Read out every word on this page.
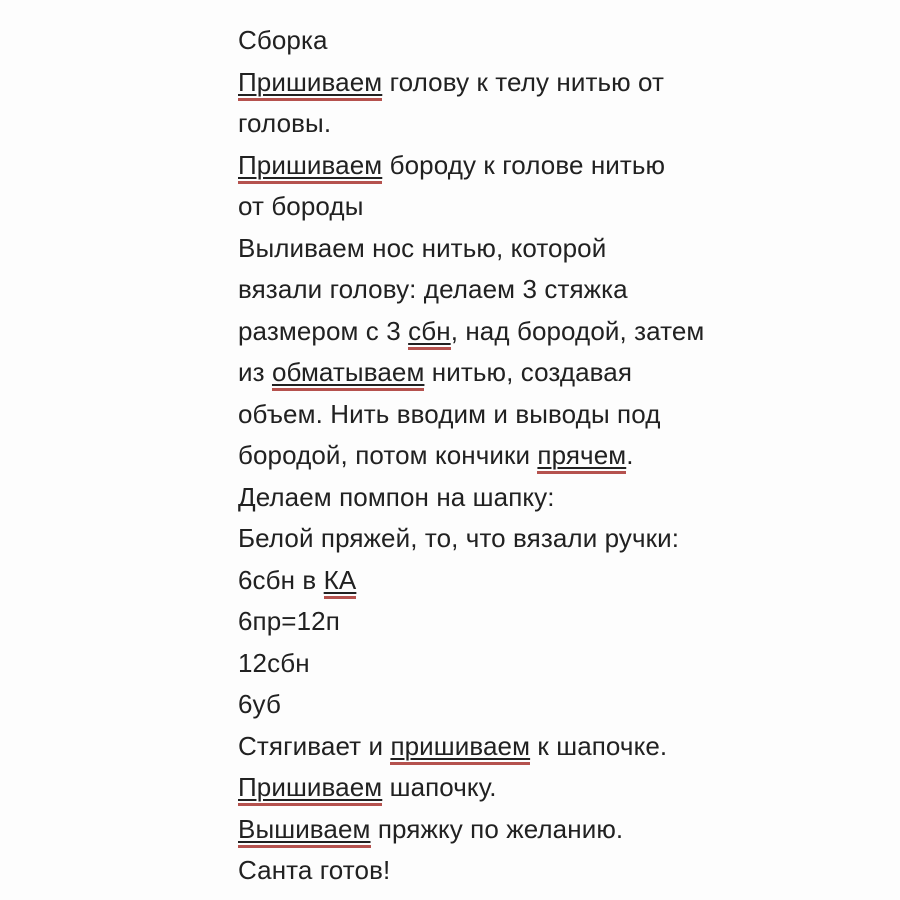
Сборка

Пришиваем голову к телу нитью от

головы.

Пришиваем бороду к голове нитью

от бороды

Выливаем нос нитью, которой

вязали голову: делаем 3 стяжка

размером с 3 сбн, над бородой, затем

из обматываем нитью, создавая

объем. Нить вводим и выводы под

бородой, потом кончики прячем.

Делаем помпон на шапку:

Белой пряжей, то, что вязали ручки:

6сбн в КА

6пр=12п

12сбн

6уб

Стягивает и пришиваем к шапочке.

Пришиваем шапочку.

Вышиваем пряжку по желанию.

Санта готов!
